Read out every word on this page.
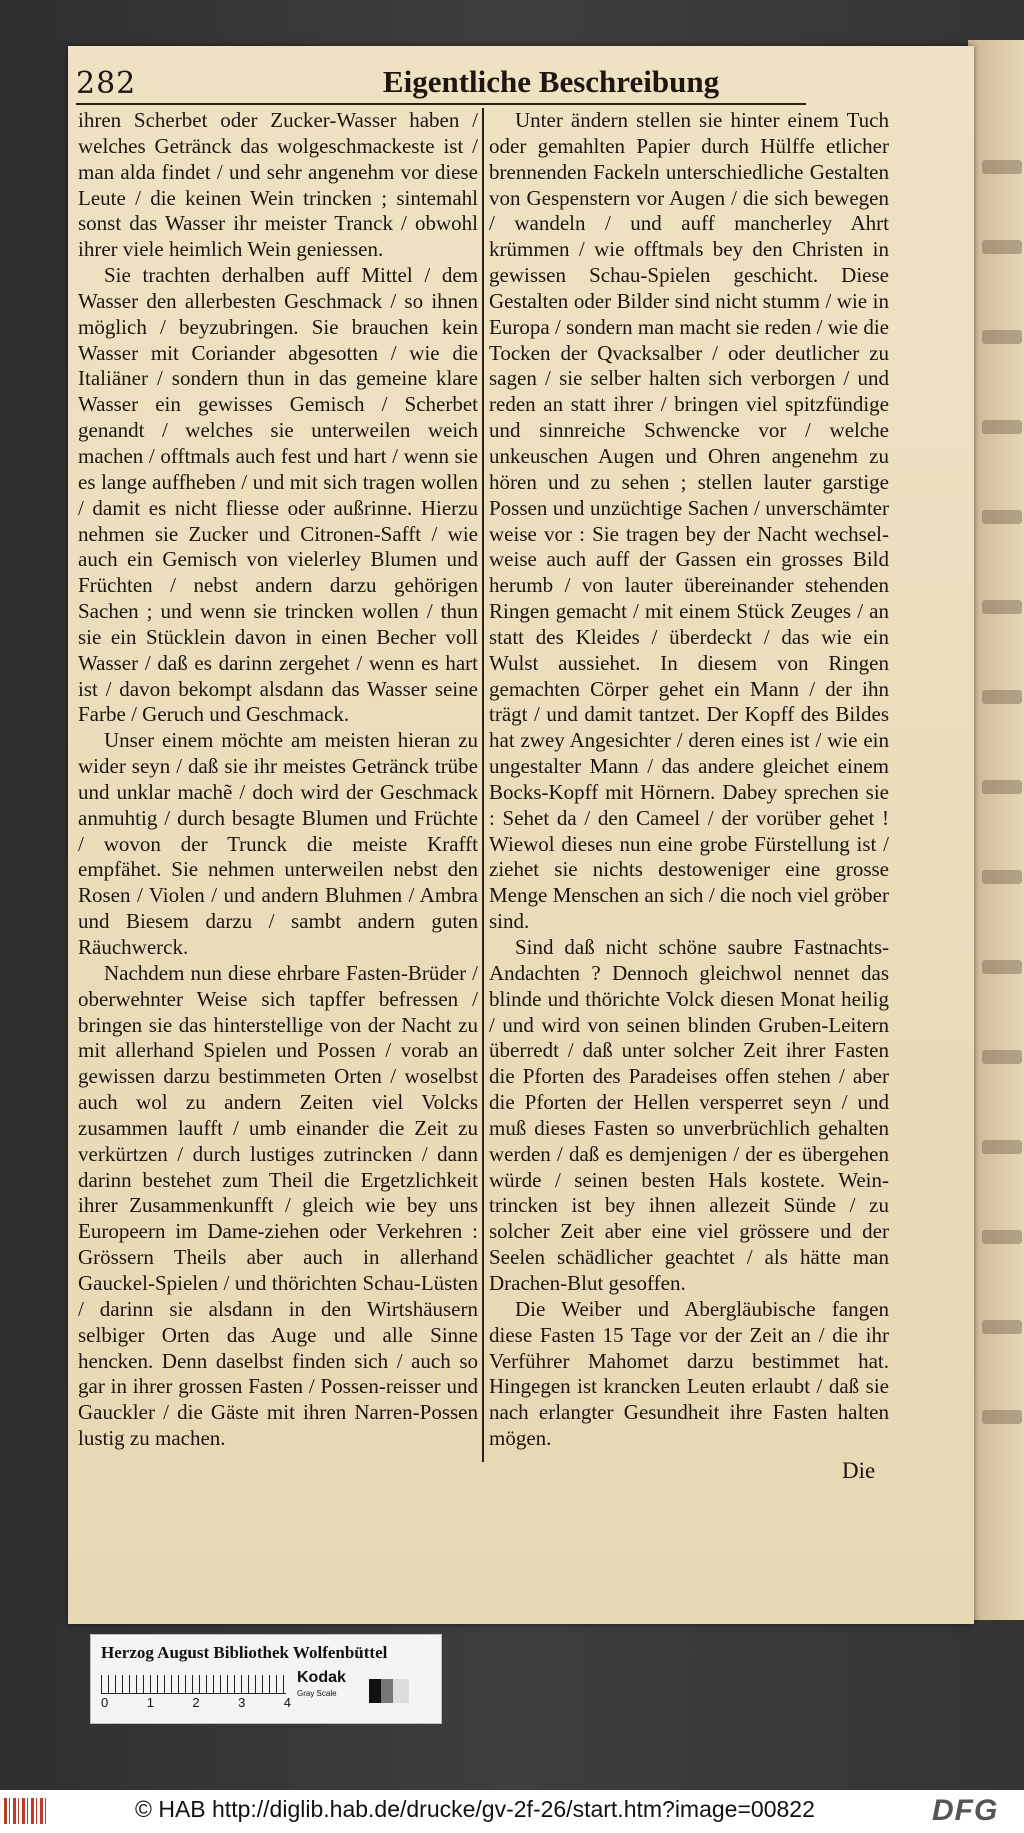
282	Eigentliche Beschreibung

ihren Scherbet oder Zucker-Wasser haben / welches Getränck das wolgeschmackeste ist / man alda findet / und sehr angenehm vor diese Leute / die keinen Wein trincken ; sintemahl sonst das Wasser ihr meister Tranck / obwohl ihrer viele heimlich Wein geniessen.

Sie trachten derhalben auff Mittel / dem Wasser den allerbesten Geschmack / so ihnen möglich / beyzubringen. Sie brauchen kein Wasser mit Coriander abgesotten / wie die Italiäner / sondern thun in das gemeine klare Wasser ein gewisses Gemisch / Scherbet genandt / welches sie unterweilen weich machen / offtmals auch fest und hart / wenn sie es lange auffheben / und mit sich tragen wollen / damit es nicht fliesse oder außrinne. Hierzu nehmen sie Zucker und Citronen-Safft / wie auch ein Gemisch von vielerley Blumen und Früchten / nebst andern darzu gehörigen Sachen ; und wenn sie trincken wollen / thun sie ein Stücklein davon in einen Becher voll Wasser / daß es darinn zergehet / wenn es hart ist / davon bekompt alsdann das Wasser seine Farbe / Geruch und Geschmack.

Unser einem möchte am meisten hieran zu wider seyn / daß sie ihr meistes Getränck trübe und unklar machẽ / doch wird der Geschmack anmuhtig / durch besagte Blumen und Früchte / wovon der Trunck die meiste Krafft empfähet. Sie nehmen unterweilen nebst den Rosen / Violen / und andern Bluhmen / Ambra und Biesem darzu / sambt andern guten Räuchwerck.

Nachdem nun diese ehrbare Fasten-Brüder / oberwehnter Weise sich tapffer befressen / bringen sie das hinterstellige von der Nacht zu mit allerhand Spielen und Possen / vorab an gewissen darzu bestimmeten Orten / woselbst auch wol zu andern Zeiten viel Volcks zusammen laufft / umb einander die Zeit zu verkürtzen / durch lustiges zutrincken / dann darinn bestehet zum Theil die Ergetzlichkeit ihrer Zusammenkunfft / gleich wie bey uns Europeern im Dame-ziehen oder Verkehren : Grössern Theils aber auch in allerhand Gauckel-Spielen / und thörichten Schau-Lüsten / darinn sie alsdann in den Wirtshäusern selbiger Orten das Auge und alle Sinne hencken. Denn daselbst finden sich / auch so gar in ihrer grossen Fasten / Possen-reisser und Gauckler / die Gäste mit ihren Narren-Possen lustig zu machen.

Unter ändern stellen sie hinter einem Tuch oder gemahlten Papier durch Hülffe etlicher brennenden Fackeln unterschiedliche Gestalten von Gespenstern vor Augen / die sich bewegen / wandeln / und auff mancherley Ahrt krümmen / wie offtmals bey den Christen in gewissen Schau-Spielen geschicht. Diese Gestalten oder Bilder sind nicht stumm / wie in Europa / sondern man macht sie reden / wie die Tocken der Qvacksalber / oder deutlicher zu sagen / sie selber halten sich verborgen / und reden an statt ihrer / bringen viel spitzfündige und sinnreiche Schwencke vor / welche unkeuschen Augen und Ohren angenehm zu hören und zu sehen ; stellen lauter garstige Possen und unzüchtige Sachen / unverschämter weise vor : Sie tragen bey der Nacht wechsel-weise auch auff der Gassen ein grosses Bild herumb / von lauter übereinander stehenden Ringen gemacht / mit einem Stück Zeuges / an statt des Kleides / überdeckt / das wie ein Wulst aussiehet. In diesem von Ringen gemachten Cörper gehet ein Mann / der ihn trägt / und damit tantzet. Der Kopff des Bildes hat zwey Angesichter / deren eines ist / wie ein ungestalter Mann / das andere gleichet einem Bocks-Kopff mit Hörnern. Dabey sprechen sie : Sehet da / den Cameel / der vorüber gehet ! Wiewol dieses nun eine grobe Fürstellung ist / ziehet sie nichts destoweniger eine grosse Menge Menschen an sich / die noch viel gröber sind.

Sind daß nicht schöne saubre Fastnachts-Andachten ? Dennoch gleichwol nennet das blinde und thörichte Volck diesen Monat heilig / und wird von seinen blinden Gruben-Leitern überredt / daß unter solcher Zeit ihrer Fasten die Pforten des Paradeises offen stehen / aber die Pforten der Hellen versperret seyn / und muß dieses Fasten so unverbrüchlich gehalten werden / daß es demjenigen / der es übergehen würde / seinen besten Hals kostete. Wein-trincken ist bey ihnen allezeit Sünde / zu solcher Zeit aber eine viel grössere und der Seelen schädlicher geachtet / als hätte man Drachen-Blut gesoffen.

Die Weiber und Abergläubische fangen diese Fasten 15 Tage vor der Zeit an / die ihr Verführer Mahomet darzu bestimmet hat. Hingegen ist krancken Leuten erlaubt / daß sie nach erlangter Gesundheit ihre Fasten halten mögen.

Die
Herzog August Bibliothek Wolfenbüttel
0	1	2	3	4
Kodak
Gray Scale
© HAB http://diglib.hab.de/drucke/gv-2f-26/start.htm?image=00822	DFG
